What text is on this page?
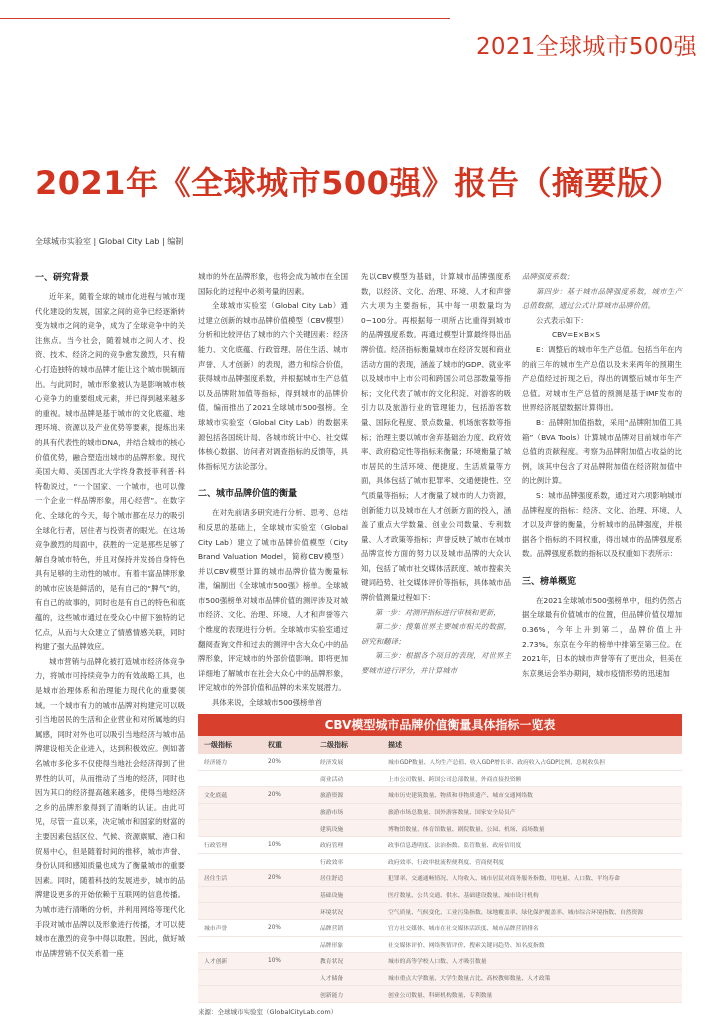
2021全球城市500强
2021年《全球城市500强》报告（摘要版）
全球城市实验室 | Global City Lab | 编制
一、研究背景

近年来，随着全球的城市化进程与城市现代化建设的发展，国家之间的竞争已经逐渐转变为城市之间的竞争，成为了全球竞争中的关注焦点。当今社会，随着城市之间人才、投资、技术、经济之间的竞争愈发激烈，只有精心打造独特的城市品牌才能让这个城市脱颖而出。与此同时，城市形象被认为是影响城市核心竞争力的重要组成元素，并已得到越来越多的重视。城市品牌是基于城市的文化底蕴、地理环境、资源以及产业优势等要素，提炼出来的具有代表性的城市DNA，并结合城市的核心价值优势，融合塑造出城市的品牌形象。现代美国大师、美国西北大学终身教授菲利普·科特勒说过，“一个国家、一个城市，也可以像一个企业一样品牌形象，用心经营”。在数字化、全球化的今天，每个城市都在尽力的吸引全球化行者，居住者与投资者的眼光。在这场竞争激烈的局面中，获胜的一定是那些足够了解自身城市特色，并且对保持并发扬自身特色具有足够的主动性的城市。有着丰富品牌形象的城市应该是鲜活的，是有自己的“脾气”的，有自己的故事的，同时也是有自己的特色和底蕴的，这些城市通过在受众心中留下独特的记忆点，从而与大众建立了情感情感关联，同时构建了强大品牌效应。

城市营销与品牌化被打造城市经济体竞争力，将城市可持续竞争力的有效战略工具，也是城市治理体系和治理能力现代化的重要领域。一个城市有力的城市品牌对构建完可以吸引当地居民的生活和企业营业和对所属地的归属感，同时对外也可以吸引当地经济与城市品牌建设相关企业进入，达到积极效应。例如著名城市多伦多不仅使得当地社会经济得到了世界性的认可，从而推动了当地的经济，同时也因为其口的经济提高越来越多，使得当地经济之乡的品牌形象得到了清晰的认证。由此可见，尽管一直以来，决定城市和国家的财富的主要因素包括区位、气候、资源禀赋、港口和贸易中心，但是随着时间的推移，城市声誉、身份认同和感知质量也成为了衡量城市的重要因素。同时，随着科技的发展进步，城市的品牌建设更多的开始依赖于互联网的信息传播。为城市进行清晰的分析，并利用网络等现代化手段对城市品牌以及形象进行传播，才可以使城市在激烈的竞争中得以取胜。因此，做好城市品牌营销不仅关系着一座

城市的外在品牌形象，也将会成为城市在全国国际化的过程中必须考量的因素。

全球城市实验室（Global City Lab）通过建立创新的城市品牌价值模型（CBV模型）分析和比较评估了城市的六个关键因素：经济能力、文化底蕴、行政管理、居住生活、城市声誉、人才创新）的表现，潜力和综合价值，获得城市品牌强度系数，并根据城市生产总值以及品牌附加值等指标，得到城市的品牌价值，编而推出了2021全球城市500强榜。全球城市实验室（Global City Lab）的数据来源包括各国统计局、各城市统计中心、社交媒体核心数据、访问者对调查指标的反馈等，具体指标见方法论部分。

二、城市品牌价值的衡量

在对先前诸多研究进行分析、思考、总结和反思的基础上，全球城市实验室（Global City Lab）建立了城市品牌价值模型（City Brand Valuation Model，简称CBV模型）并以CBV模型计算的城市品牌价值为衡量标准，编制出《全球城市500强》榜单。全球城市500强榜单对城市品牌价值的测评涉及对城市经济、文化、治理、环境、人才和声誉等六个维度的表现进行分析。全球城市实验室通过翻阅查询文件和过去的测评中含大众心中的品牌形象，评定城市的外部价值影响。即将更加详细地了解城市在社会大众心中的品牌形象，评定城市的外部价值和品牌的未来发展潜力。

具体来说，全球城市500强榜单首

先以CBV模型为基础，计算城市品牌强度系数，以经济、文化、治理、环境、人才和声誉六大项为主要指标，其中每一项数量均为0~100分。再根据每一项所占比重得到城市的品牌强度系数。再通过模型计算最终得出品牌价值。经济指标衡量城市在经济发展和商业活动方面的表现，涵盖了城市的GDP、就业率以及城市中上市公司和跨国公司总部数量等指标；文化代表了城市的文化积淀、对游客的吸引力以及旅游行业的管理能力，包括游客数量、国际化程度、景点数量、机场旅客数等指标；治理主要以城市舍弃基础治力度、政府效率、政府稳定性等指标来衡量；环境衡量了城市居民的生活环境、便捷度、生活质量等方面，具体包括了城市犯罪率、交通便捷性、空气质量等指标；人才衡量了城市的人力资源，创新能力以及城市在人才创新方面的投入，涵盖了重点大学数量、创业公司数量、专利数量、人才政策等指标；声誉反映了城市在城市品牌宣传方面的努力以及城市品牌的大众认知，包括了城市社交媒体活跃度、城市搜索关键词趋势、社交媒体评价等指标，具体城市品牌价值测量过程如下：

第一步：对测评指标进行审核和更新，

第二步：搜集世界主要城市相关的数据，研究和翻译；

第三步：根据各个项目的表现，对世界主要城市进行评分，并计算城市

品牌强度系数；

第四步：基于城市品牌强度系数，城市生产总值数据，通过公式计算城市品牌价值。

公式表示如下：

CBV=E×B×S

E：调整后的城市年生产总值。包括当年在内的前三年的城市生产总值以及未来两年的预期生产总值经过折现之后，得出的调整后城市年生产总值。对城市生产总值的预测是基于IMF发布的世界经济展望数据计算得出。

B：品牌附加值指数，采用“品牌附加值工具箱”（BVA Tools）计算城市品牌对目前城市年产总值的贡献程度。考察为品牌附加值占收益的比例，该其中包含了对品牌附加值在经济附加值中的比例计算。

S：城市品牌强度系数，通过对六项影响城市品牌程度的指标：经济、文化、治理、环境、人才以及声誉的衡量，分析城市的品牌强度，并根据各个指标的不同权重，得出城市的品牌强度系数。品牌强度系数的指标以及权重如下表所示：

三、榜单概览

在2021全球城市500强榜单中，纽约仍然占据全球最有价值城市的位置，但品牌价值仅增加0.36%，今年上升到第二，品牌价值上升2.73%。东京在今年的榜单中排第至第三位。在2021年，日本的城市声誉等有了更出众，但美在东京奥运会举办期间，城市疫情形势的迅速加

CBV模型城市品牌价值衡量具体指标一览表
一级指标	权重	二级指标	描述
经济能力	20%	经济发展	城市GDP数量、人均生产总值、收入GDP增长率、政府收入占GDP比例、总税收负担
		商业活动	上市公司数量、跨国公司总部数量、外商直接投资额
文化底蕴	20%	旅游资源	城市历史建筑数量、物质和非物质遗产、城市交通网络数
		旅游市场	旅游市场总数量、国外游客数量、国家安全局员产
		建筑设施	博物馆数量、体育馆数量、剧院数量、公园、机场、商场数量
行政管理	10%	政府管理	政事信息透明度、法治指数、监管数量、政府信用度
		行政效率	政府效率、行政审批流程便利度、营商便利度
居住生活	20%	居住舒适	犯罪率、交通通畅情况、人均收入、城市居民对商务服务指数、用电量、人口数、平均寿命
		基础设施	医疗数量、公共交通、供水、基础建设数量、城市设计机构
		环境状况	空气质量、气候变化、工业污染指数、绿地覆盖率、绿化保护覆盖率、城市综合环境指数、自然资源
城市声誉	20%	品牌营销	官方社交媒体、城市在社交媒体活跃度、城市品牌营销排名
		品牌形象	社交媒体评价、网络舆情评价、搜索关键词趋势、知名度指数
人才创新	10%	教育状况	城市的高等学校人口数、人才吸引数量
		人才储备	城市重点大学数量、大学生数量占比、高校教师数量、人才政策
		创新能力	创业公司数量、科研机构数量、专利数量
来源：全球城市实验室（GlobalCityLab.com）
